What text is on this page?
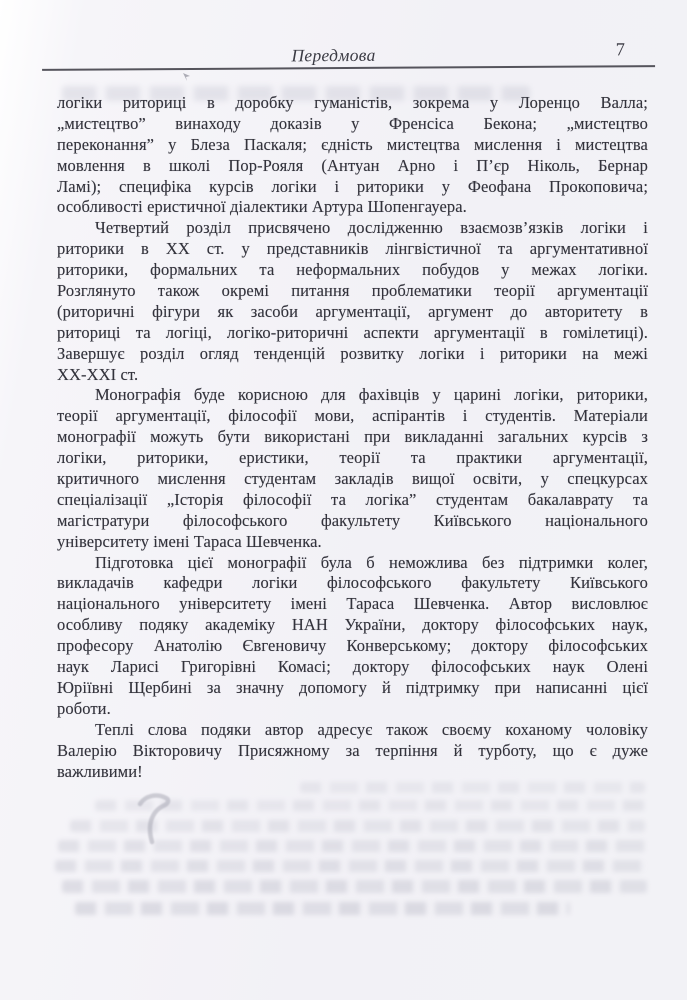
Передмова	7
логіки риториці в доробку гуманістів, зокрема у Лоренцо Валла;
„мистецтво” винаходу доказів у Френсіса Бекона; „мистецтво
переконання” у Блеза Паскаля; єдність мистецтва мислення і мистецтва
мовлення в школі Пор-Рояля (Антуан Арно і П’єр Ніколь, Бернар
Ламі); специфіка курсів логіки і риторики у Феофана Прокоповича;
особливості еристичної діалектики Артура Шопенгауера.
Четвертий розділ присвячено дослідженню взаємозв’язків логіки і
риторики в ХХ ст. у представників лінгвістичної та аргументативної
риторики, формальних та неформальних побудов у межах логіки.
Розглянуто також окремі питання проблематики теорії аргументації
(риторичні фігури як засоби аргументації, аргумент до авторитету в
риториці та логіці, логіко-риторичні аспекти аргументації в гомілетиці).
Завершує розділ огляд тенденцій розвитку логіки і риторики на межі
ХХ-ХХІ ст.
Монографія буде корисною для фахівців у царині логіки, риторики,
теорії аргументації, філософії мови, аспірантів і студентів. Матеріали
монографії можуть бути використані при викладанні загальних курсів з
логіки, риторики, еристики, теорії та практики аргументації,
критичного мислення студентам закладів вищої освіти, у спецкурсах
спеціалізації „Історія філософії та логіка” студентам бакалаврату та
магістратури філософського факультету Київського національного
університету імені Тараса Шевченка.
Підготовка цієї монографії була б неможлива без підтримки колег,
викладачів кафедри логіки філософського факультету Київського
національного університету імені Тараса Шевченка. Автор висловлює
особливу подяку академіку НАН України, доктору філософських наук,
професору Анатолію Євгеновичу Конверському; доктору філософських
наук Ларисі Григорівні Комасі; доктору філософських наук Олені
Юріївні Щербині за значну допомогу й підтримку при написанні цієї
роботи.
Теплі слова подяки автор адресує також своєму коханому чоловіку
Валерію Вікторовичу Присяжному за терпіння й турботу, що є дуже
важливими!
